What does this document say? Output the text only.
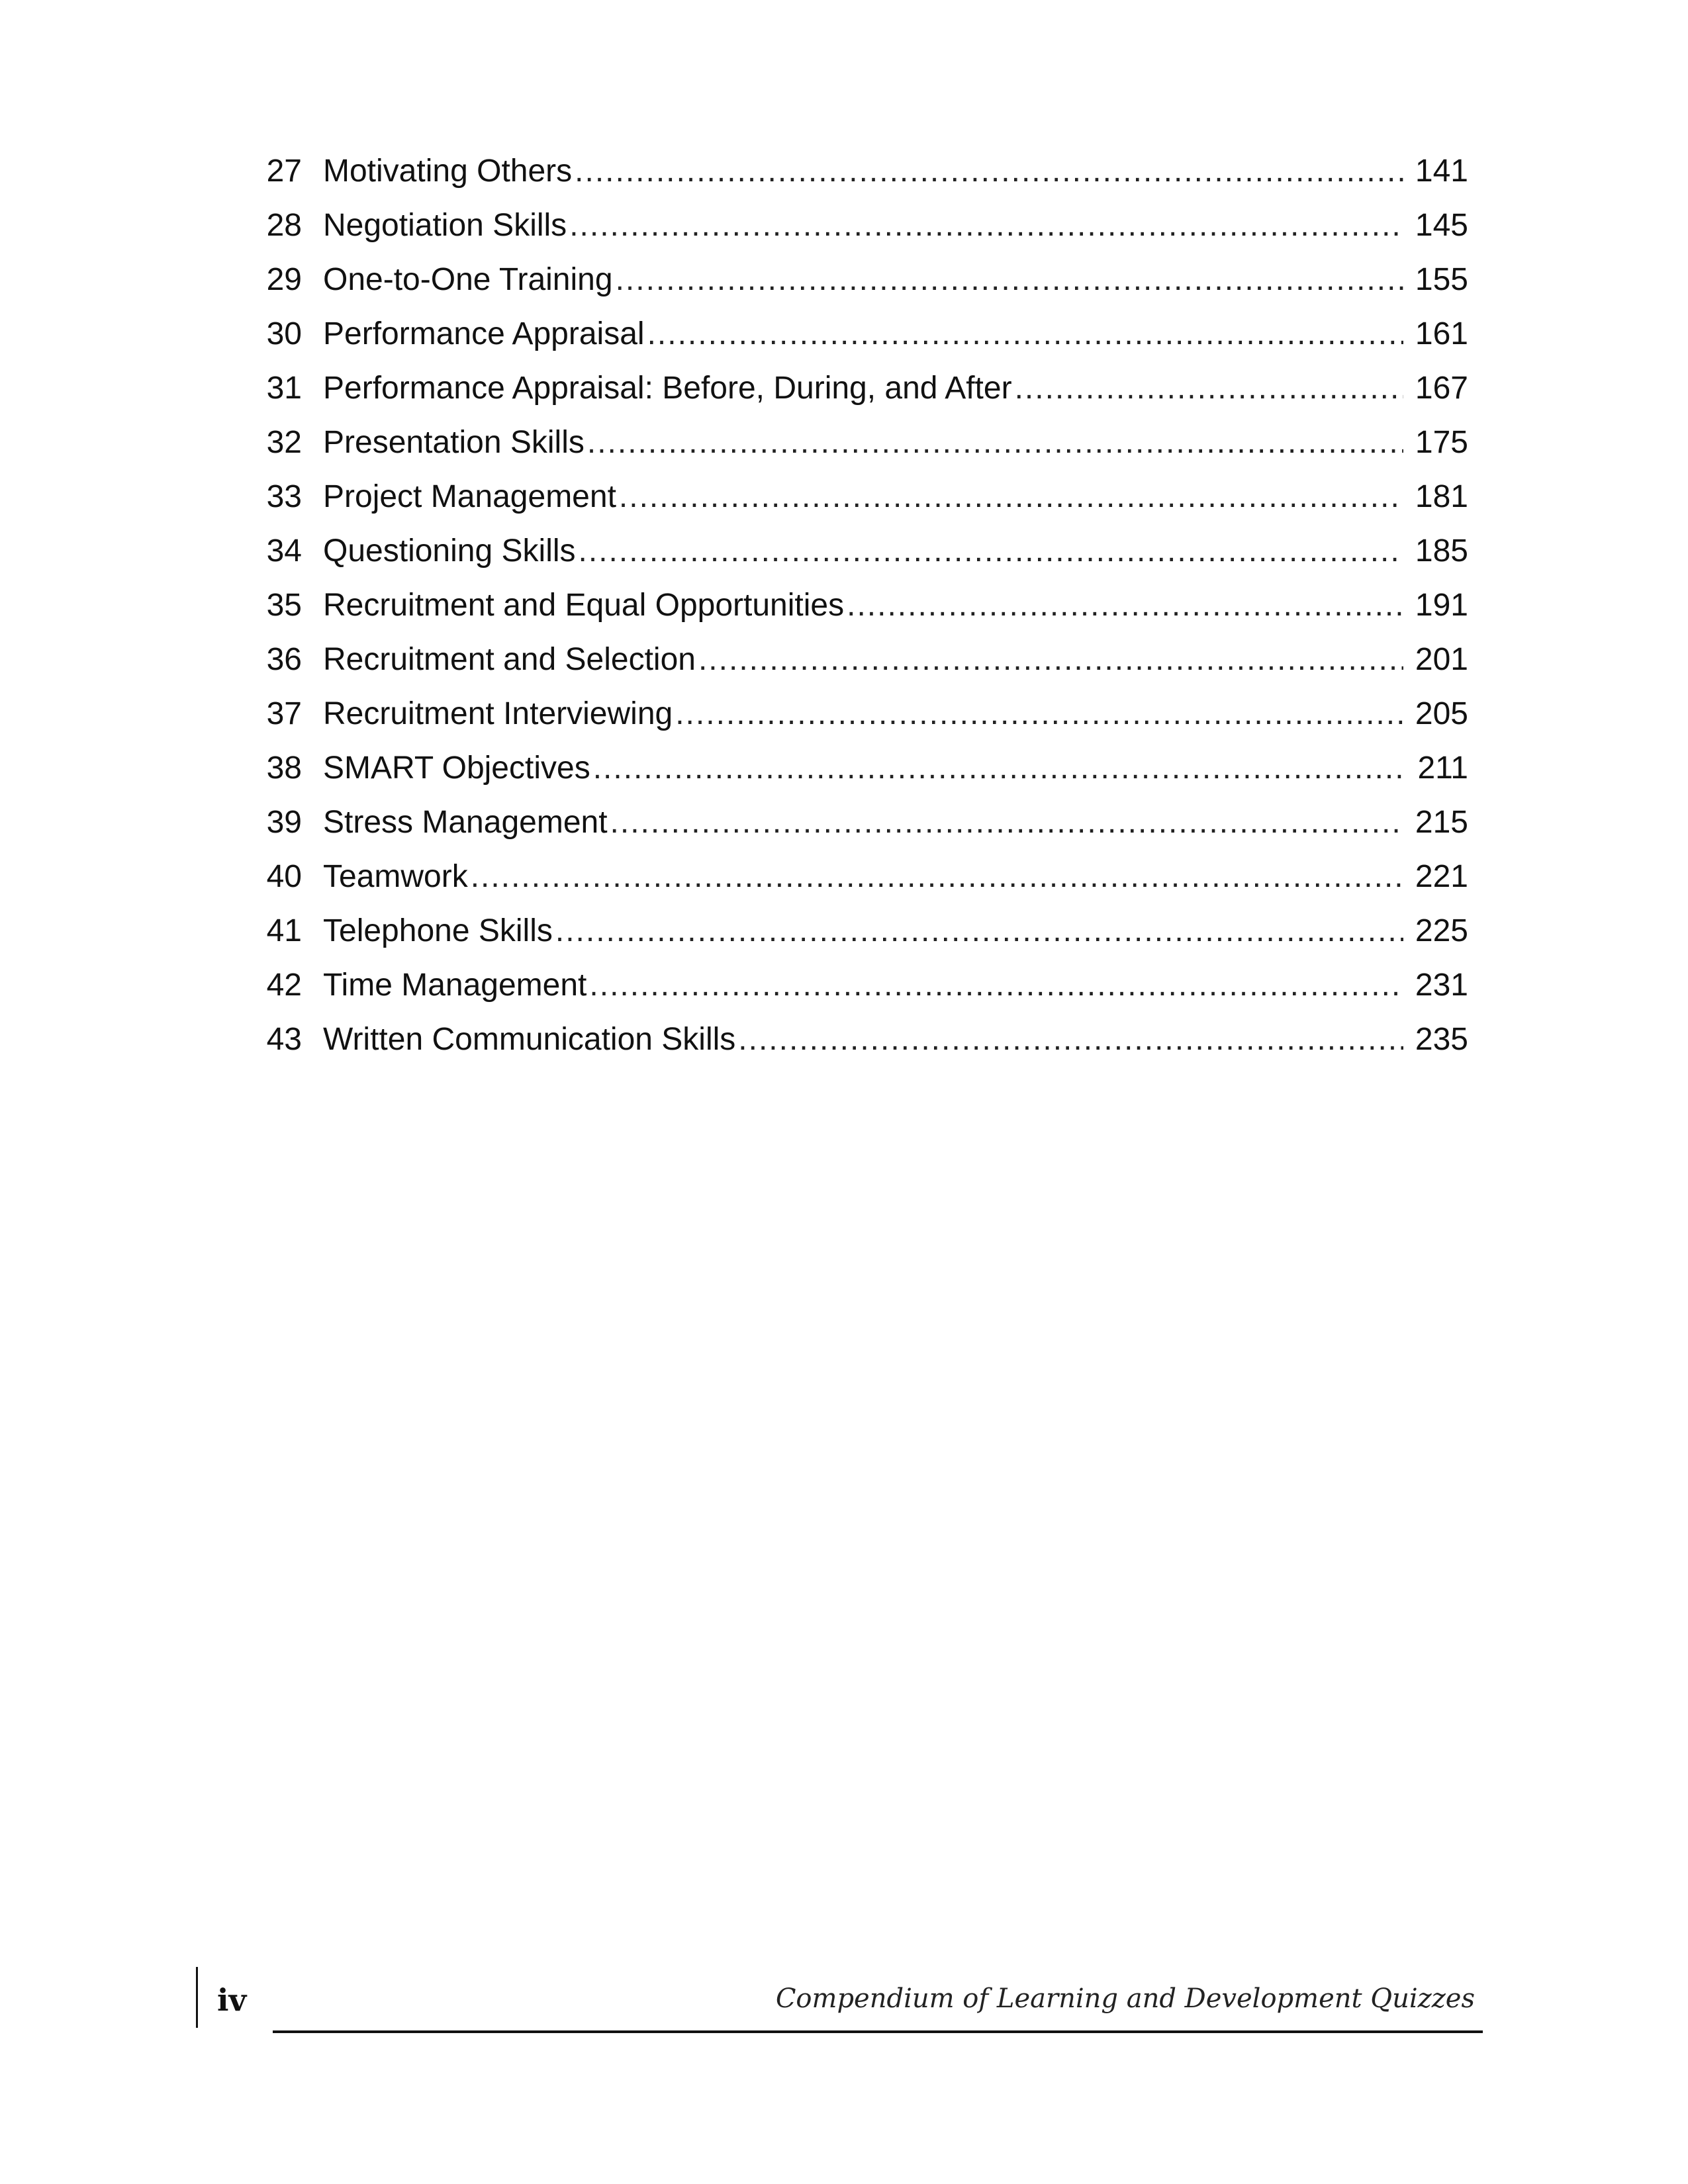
27 Motivating Others .....	141
28 Negotiation Skills .....	145
29 One-to-One Training .....	155
30 Performance Appraisal .....	161
31 Performance Appraisal: Before, During, and After .....	167
32 Presentation Skills .....	175
33 Project Management .....	181
34 Questioning Skills .....	185
35 Recruitment and Equal Opportunities .....	191
36 Recruitment and Selection .....	201
37 Recruitment Interviewing .....	205
38 SMART Objectives .....	211
39 Stress Management .....	215
40 Teamwork .....	221
41 Telephone Skills .....	225
42 Time Management .....	231
43 Written Communication Skills .....	235
iv	Compendium of Learning and Development Quizzes
